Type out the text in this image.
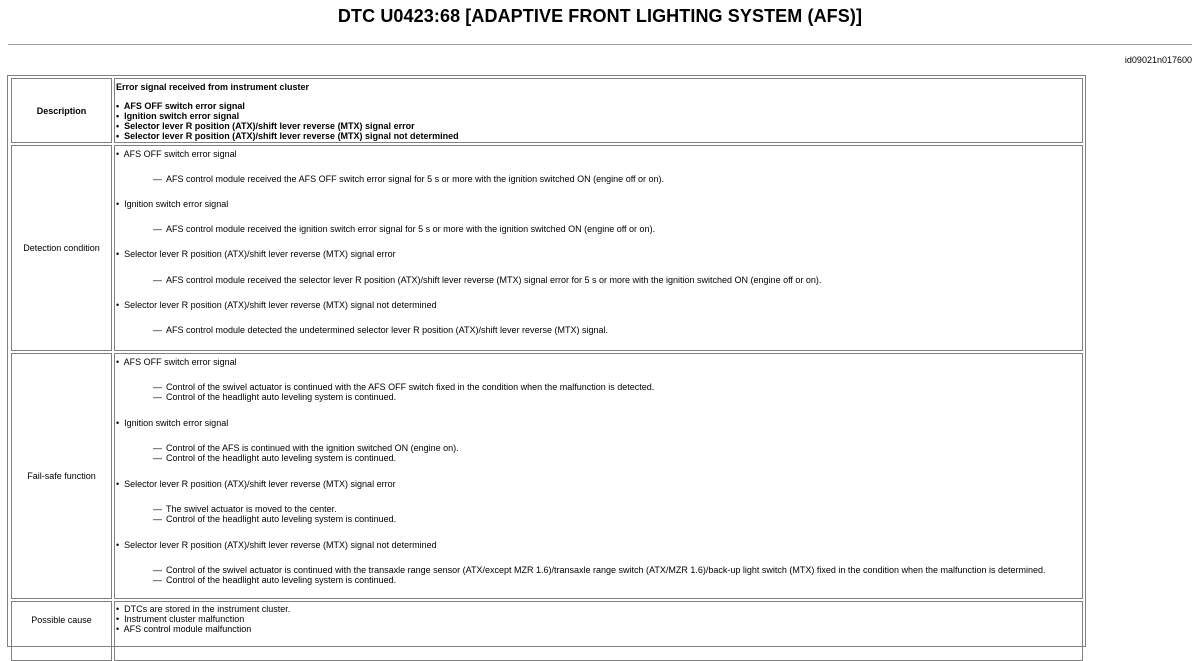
DTC U0423:68 [ADAPTIVE FRONT LIGHTING SYSTEM (AFS)]
id09021n017600
Description
Error signal received from instrument cluster
•  AFS OFF switch error signal
•  Ignition switch error signal
•  Selector lever R position (ATX)/shift lever reverse (MTX) signal error
•  Selector lever R position (ATX)/shift lever reverse (MTX) signal not determined
Detection condition
•  AFS OFF switch error signal
— AFS control module received the AFS OFF switch error signal for 5 s or more with the ignition switched ON (engine off or on).
•  Ignition switch error signal
— AFS control module received the ignition switch error signal for 5 s or more with the ignition switched ON (engine off or on).
•  Selector lever R position (ATX)/shift lever reverse (MTX) signal error
— AFS control module received the selector lever R position (ATX)/shift lever reverse (MTX) signal error for 5 s or more with the ignition switched ON (engine off or on).
•  Selector lever R position (ATX)/shift lever reverse (MTX) signal not determined
— AFS control module detected the undetermined selector lever R position (ATX)/shift lever reverse (MTX) signal.
Fail-safe function
•  AFS OFF switch error signal
— Control of the swivel actuator is continued with the AFS OFF switch fixed in the condition when the malfunction is detected.
— Control of the headlight auto leveling system is continued.
•  Ignition switch error signal
— Control of the AFS is continued with the ignition switched ON (engine on).
— Control of the headlight auto leveling system is continued.
•  Selector lever R position (ATX)/shift lever reverse (MTX) signal error
— The swivel actuator is moved to the center.
— Control of the headlight auto leveling system is continued.
•  Selector lever R position (ATX)/shift lever reverse (MTX) signal not determined
— Control of the swivel actuator is continued with the transaxle range sensor (ATX/except MZR 1.6)/transaxle range switch (ATX/MZR 1.6)/back-up light switch (MTX) fixed in the condition when the malfunction is determined.
— Control of the headlight auto leveling system is continued.
Possible cause
•  DTCs are stored in the instrument cluster.
•  Instrument cluster malfunction
•  AFS control module malfunction
